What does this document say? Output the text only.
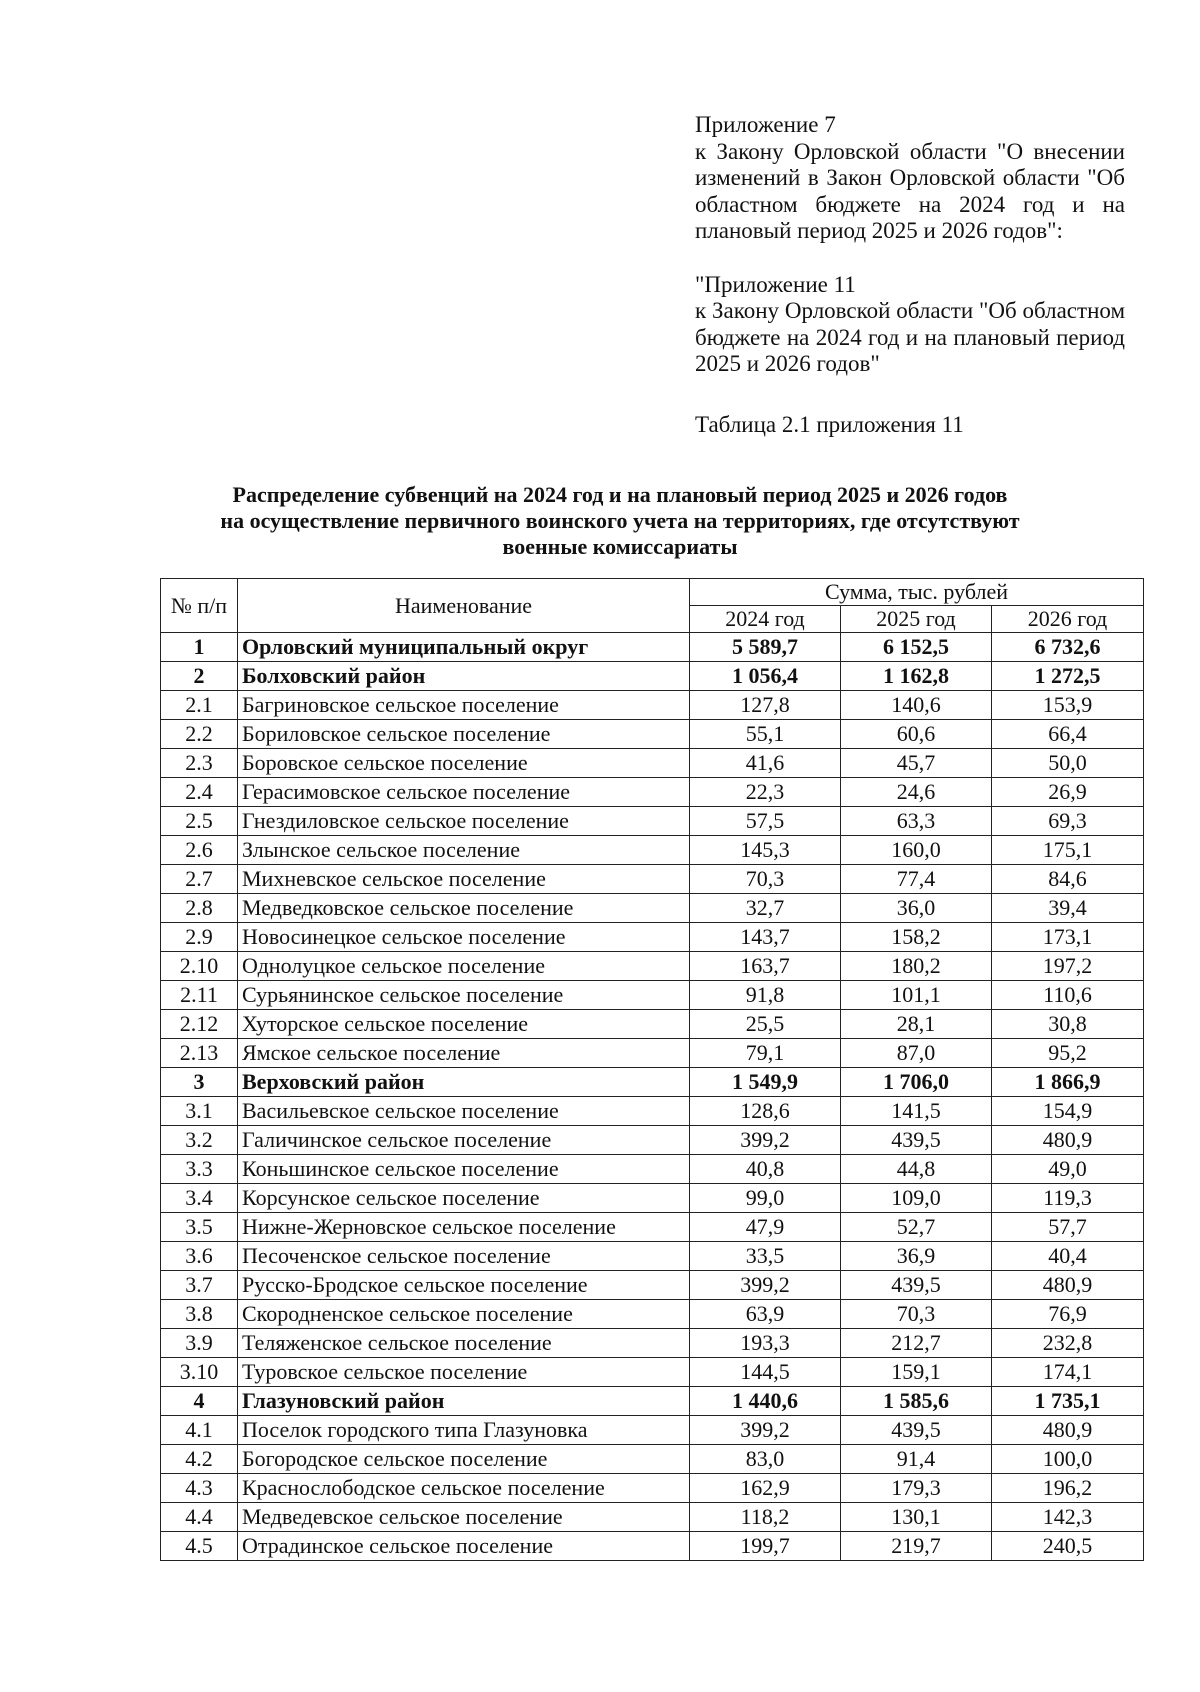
Приложение 7

к Закону Орловской области "О внесении изменений в Закон Орловской области "Об областном бюджете на 2024 год и на плановый период 2025 и 2026 годов":

"Приложение 11

к Закону Орловской области "Об областном бюджете на 2024 год и на плановый период 2025 и 2026 годов"

Таблица 2.1 приложения 11

Распределение субвенций на 2024 год и на плановый период 2025 и 2026 годов
на осуществление первичного воинского учета на территориях, где отсутствуют
военные комиссариаты
№ п/п	Наименование	Сумма, тыс. рублей		
		2024 год	2025 год	2026 год
1	Орловский муниципальный округ	5 589,7	6 152,5	6 732,6
2	Болховский район	1 056,4	1 162,8	1 272,5
2.1	Багриновское сельское поселение	127,8	140,6	153,9
2.2	Бориловское сельское поселение	55,1	60,6	66,4
2.3	Боровское сельское поселение	41,6	45,7	50,0
2.4	Герасимовское сельское поселение	22,3	24,6	26,9
2.5	Гнездиловское сельское поселение	57,5	63,3	69,3
2.6	Злынское сельское поселение	145,3	160,0	175,1
2.7	Михневское сельское поселение	70,3	77,4	84,6
2.8	Медведковское сельское поселение	32,7	36,0	39,4
2.9	Новосинецкое сельское поселение	143,7	158,2	173,1
2.10	Однолуцкое сельское поселение	163,7	180,2	197,2
2.11	Сурьянинское сельское поселение	91,8	101,1	110,6
2.12	Хуторское сельское поселение	25,5	28,1	30,8
2.13	Ямское сельское поселение	79,1	87,0	95,2
3	Верховский район	1 549,9	1 706,0	1 866,9
3.1	Васильевское сельское поселение	128,6	141,5	154,9
3.2	Галичинское сельское поселение	399,2	439,5	480,9
3.3	Коньшинское сельское поселение	40,8	44,8	49,0
3.4	Корсунское сельское поселение	99,0	109,0	119,3
3.5	Нижне-Жерновское сельское поселение	47,9	52,7	57,7
3.6	Песоченское сельское поселение	33,5	36,9	40,4
3.7	Русско-Бродское сельское поселение	399,2	439,5	480,9
3.8	Скородненское сельское поселение	63,9	70,3	76,9
3.9	Теляженское сельское поселение	193,3	212,7	232,8
3.10	Туровское сельское поселение	144,5	159,1	174,1
4	Глазуновский район	1 440,6	1 585,6	1 735,1
4.1	Поселок городского типа Глазуновка	399,2	439,5	480,9
4.2	Богородское сельское поселение	83,0	91,4	100,0
4.3	Краснослободское сельское поселение	162,9	179,3	196,2
4.4	Медведевское сельское поселение	118,2	130,1	142,3
4.5	Отрадинское сельское поселение	199,7	219,7	240,5
